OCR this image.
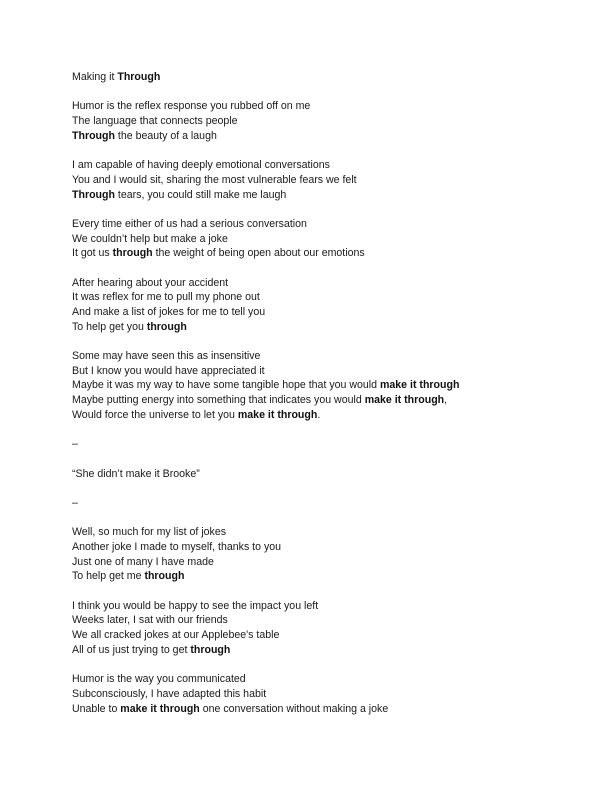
Making it Through
Humor is the reflex response you rubbed off on me
The language that connects people
Through the beauty of a laugh
I am capable of having deeply emotional conversations
You and I would sit, sharing the most vulnerable fears we felt
Through tears, you could still make me laugh
Every time either of us had a serious conversation
We couldn’t help but make a joke
It got us through the weight of being open about our emotions
After hearing about your accident
It was reflex for me to pull my phone out
And make a list of jokes for me to tell you
To help get you through
Some may have seen this as insensitive
But I know you would have appreciated it
Maybe it was my way to have some tangible hope that you would make it through
Maybe putting energy into something that indicates you would make it through,
Would force the universe to let you make it through.
–
“She didn’t make it Brooke”
–
Well, so much for my list of jokes
Another joke I made to myself, thanks to you
Just one of many I have made
To help get me through
I think you would be happy to see the impact you left
Weeks later, I sat with our friends
We all cracked jokes at our Applebee's table
All of us just trying to get through
Humor is the way you communicated
Subconsciously, I have adapted this habit
Unable to make it through one conversation without making a joke
